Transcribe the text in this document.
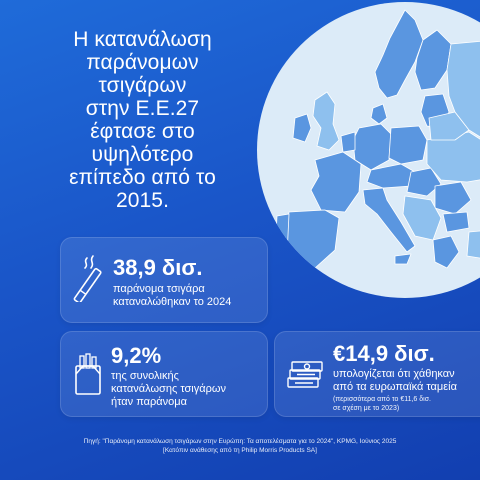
Η κατανάλωση
παράνομων
τσιγάρων
στην Ε.Ε.27
έφτασε στο
υψηλότερο
επίπεδο από το
2015.
38,9 δισ.
παράνομα τσιγάρα
καταναλώθηκαν το 2024
9,2%
της συνολικής
κατανάλωσης τσιγάρων
ήταν παράνομα
€14,9 δισ.
υπολογίζεται ότι χάθηκαν
από τα ευρωπαϊκά ταμεία
(περισσότερα από το €11,6 δισ.
σε σχέση με το 2023)
Πηγή: "Παράνομη κατανάλωση τσιγάρων στην Ευρώπη: Τα αποτελέσματα για το 2024", KPMG, Ιούνιος 2025
[Κατόπιν ανάθεσης από τη Philip Morris Products SA]
